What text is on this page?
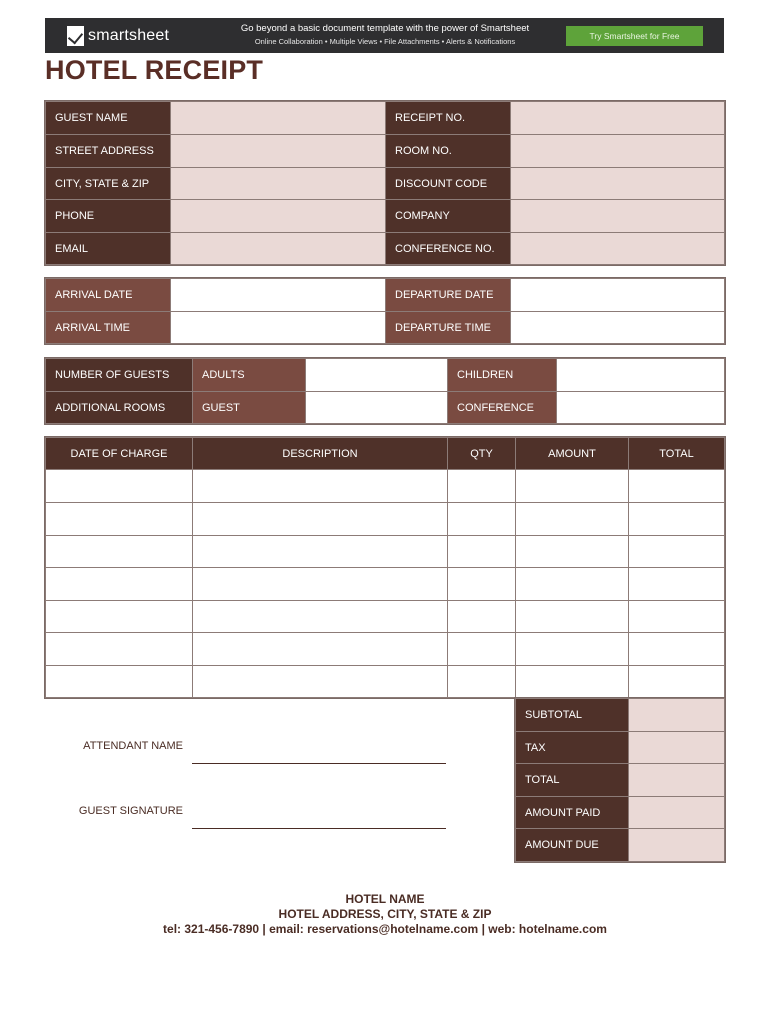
smartsheet	Go beyond a basic document template with the power of Smartsheet
Online Collaboration • Multiple Views • File Attachments • Alerts & Notifications
Try Smartsheet for Free
HOTEL RECEIPT
GUEST NAME		RECEIPT NO.	
STREET ADDRESS		ROOM NO.	
CITY, STATE & ZIP		DISCOUNT CODE	
PHONE		COMPANY	
EMAIL		CONFERENCE NO.	
ARRIVAL DATE		DEPARTURE DATE	
ARRIVAL TIME		DEPARTURE TIME	
NUMBER OF GUESTS	ADULTS		CHILDREN	
ADDITIONAL ROOMS	GUEST		CONFERENCE	
DATE OF CHARGE	DESCRIPTION	QTY	AMOUNT	TOTAL

SUBTOTAL	
TAX	
TOTAL	
AMOUNT PAID	
AMOUNT DUE	
ATTENDANT NAME
GUEST SIGNATURE
HOTEL NAME
HOTEL ADDRESS, CITY, STATE & ZIP
tel: 321-456-7890 | email: reservations@hotelname.com | web: hotelname.com
